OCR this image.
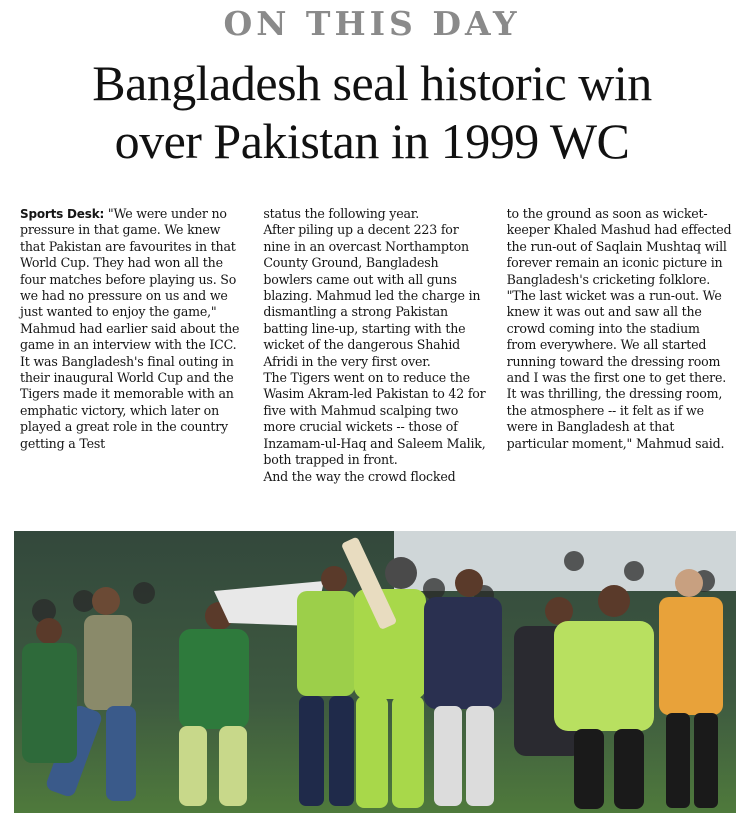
ON THIS DAY
Bangladesh seal historic win
over Pakistan in 1999 WC

Sports Desk: "We were under no pressure in that game. We knew that Pakistan are favourites in that World Cup. They had won all the four matches before playing us. So we had no pressure on us and we just wanted to enjoy the game," Mahmud had earlier said about the game in an interview with the ICC.

It was Bangladesh's final outing in their inaugural World Cup and the Tigers made it memorable with an emphatic victory, which later on played a great role in the country getting a Test

status the following year.

After piling up a decent 223 for nine in an overcast Northampton County Ground, Bangladesh bowlers came out with all guns blazing. Mahmud led the charge in dismantling a strong Pakistan batting line-up, starting with the wicket of the dangerous Shahid Afridi in the very first over.

The Tigers went on to reduce the Wasim Akram-led Pakistan to 42 for five with Mahmud scalping two more crucial wickets -- those of Inzamam-ul-Haq and Saleem Malik, both trapped in front.

And the way the crowd flocked

to the ground as soon as wicket-keeper Khaled Mashud had effected the run-out of Saqlain Mushtaq will forever remain an iconic picture in Bangladesh's cricketing folklore.

"The last wicket was a run-out. We knew it was out and saw all the crowd coming into the stadium from everywhere. We all started running toward the dressing room and I was the first one to get there. It was thrilling, the dressing room, the atmosphere -- it felt as if we were in Bangladesh at that particular moment," Mahmud said.
